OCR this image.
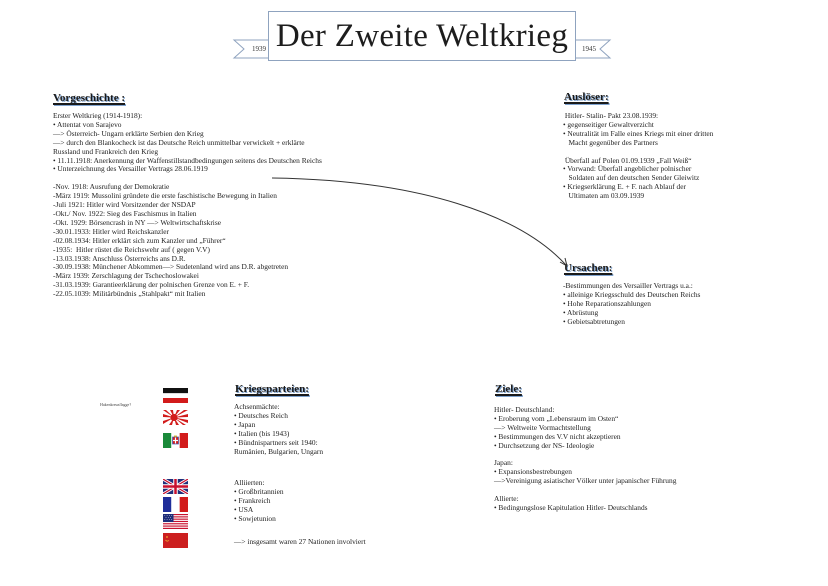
1939	1945
Der Zweite Weltkrieg
Vorgeschichte :
Erster Weltkrieg (1914-1918):
• Attentat von Sarajevo
—> Österreich- Ungarn erklärte Serbien den Krieg
—> durch den Blankocheck ist das Deutsche Reich unmittelbar verwickelt + erklärte
Russland und Frankreich den Krieg
• 11.11.1918: Anerkennung der Waffenstillstandbedingungen seitens des Deutschen Reichs
• Unterzeichnung des Versailler Vertrags 28.06.1919

-Nov. 1918: Ausrufung der Demokratie
-März 1919: Mussolini gründete die erste faschistische Bewegung in Italien
-Juli 1921: Hitler wird Vorsitzender der NSDAP
-Okt./ Nov. 1922: Sieg des Faschismus in Italien
-Okt. 1929: Börsencrash in NY —> Weltwirtschaftskrise
-30.01.1933: Hitler wird Reichskanzler
-02.08.1934: Hitler erklärt sich zum Kanzler und „Führer“
-1935:  Hitler rüstet die Reichswehr auf ( gegen V.V)
-13.03.1938: Anschluss Österreichs ans D.R.
-30.09.1938: Münchener Abkommen—> Sudetenland wird ans D.R. abgetreten
-März 1939: Zerschlagung der Tschechoslowakei
-31.03.1939: Garantieerklärung der polnischen Grenze von E. + F.
-22.05.1039: Militärbündnis „Stahlpakt“ mit Italien
Auslöser:
Hitler- Stalin- Pakt 23.08.1939:
• gegenseitiger Gewaltverzicht
• Neutralität im Falle eines Kriegs mit einer dritten
Macht gegenüber des Partners

Überfall auf Polen 01.09.1939 „Fall Weiß“
• Vorwand: Überfall angeblicher polnischer
Soldaten auf den deutschen Sender Gleiwitz
• Kriegserklärung E. + F. nach Ablauf der
Ultimaten am 03.09.1939
Ursachen:
-Bestimmungen des Versailler Vertrags u.a.:
• alleinige Kriegsschuld des Deutschen Reichs
• Hohe Reparationszahlungen
• Abrüstung
• Gebietsabtretungen
Kriegsparteien:
Achsenmächte:
• Deutsches Reich
• Japan
• Italien (bis 1943)
• Bündnispartners seit 1940:
Rumänien, Bulgarien, Ungarn
Alliierten:
• Großbritannien
• Frankreich
• USA
• Sowjetunion
—> insgesamt waren 27 Nationen involviert
Hakenkreuzflagge?
Ziele:
Hitler- Deutschland:
• Eroberung vom „Lebensraum im Osten“
—> Weltweite Vormachtstellung
• Bestimmungen des V.V nicht akzeptieren
• Durchsetzung der NS- Ideologie

Japan:
• Expansionsbestrebungen
—>Vereinigung asiatischer Völker unter japanischer Führung

Allierte:
• Bedingungslose Kapitulation Hitler- Deutschlands
